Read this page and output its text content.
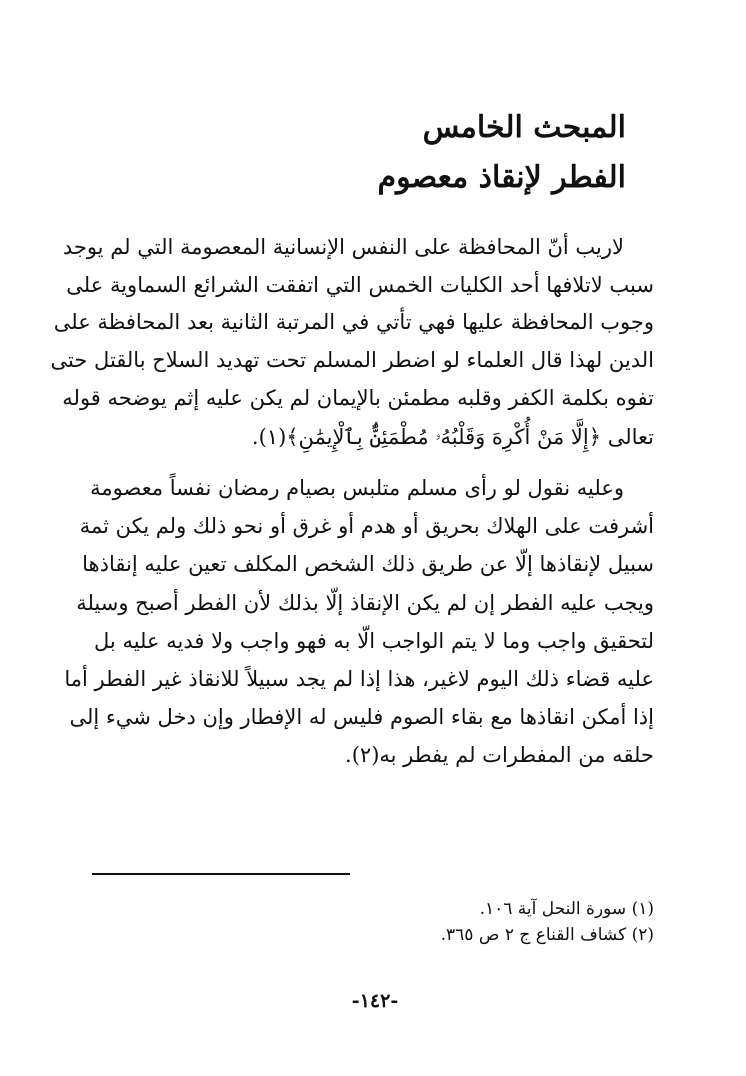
المبحث الخامس
الفطر لإنقاذ معصوم
لاريب أنّ المحافظة على النفس الإنسانية المعصومة التي لم يوجد
سبب لاتلافها أحد الكليات الخمس التي اتفقت الشرائع السماوية على
وجوب المحافظة عليها فهي تأتي في المرتبة الثانية بعد المحافظة على
الدين لهذا قال العلماء لو اضطر المسلم تحت تهديد السلاح بالقتل حتى
تفوه بكلمة الكفر وقلبه مطمئن بالإيمان لم يكن عليه إثم يوضحه قوله
تعالى ﴿إِلَّا مَنْ أُكْرِهَ وَقَلْبُهُۥ مُطْمَئِنٌّۢ بِٱلْإِيمَٰنِ﴾(١).
وعليه نقول لو رأى مسلم متلبس بصيام رمضان نفساً معصومة
أشرفت على الهلاك بحريق أو هدم أو غرق أو نحو ذلك ولم يكن ثمة
سبيل لإنقاذها إلّا عن طريق ذلك الشخص المكلف تعين عليه إنقاذها
ويجب عليه الفطر إن لم يكن الإنقاذ إلّا بذلك لأن الفطر أصبح وسيلة
لتحقيق واجب وما لا يتم الواجب الّا به فهو واجب ولا فديه عليه بل
عليه قضاء ذلك اليوم لاغير، هذا إذا لم يجد سبيلاً للانقاذ غير الفطر أما
إذا أمكن انقاذها مع بقاء الصوم فليس له الإفطار وإن دخل شيء إلى
حلقه من المفطرات لم يفطر به(٢).
(١) سورة النحل آية ١٠٦.
(٢) كشاف القناع ج ٢ ص ٣٦٥.
-١٤٢-
